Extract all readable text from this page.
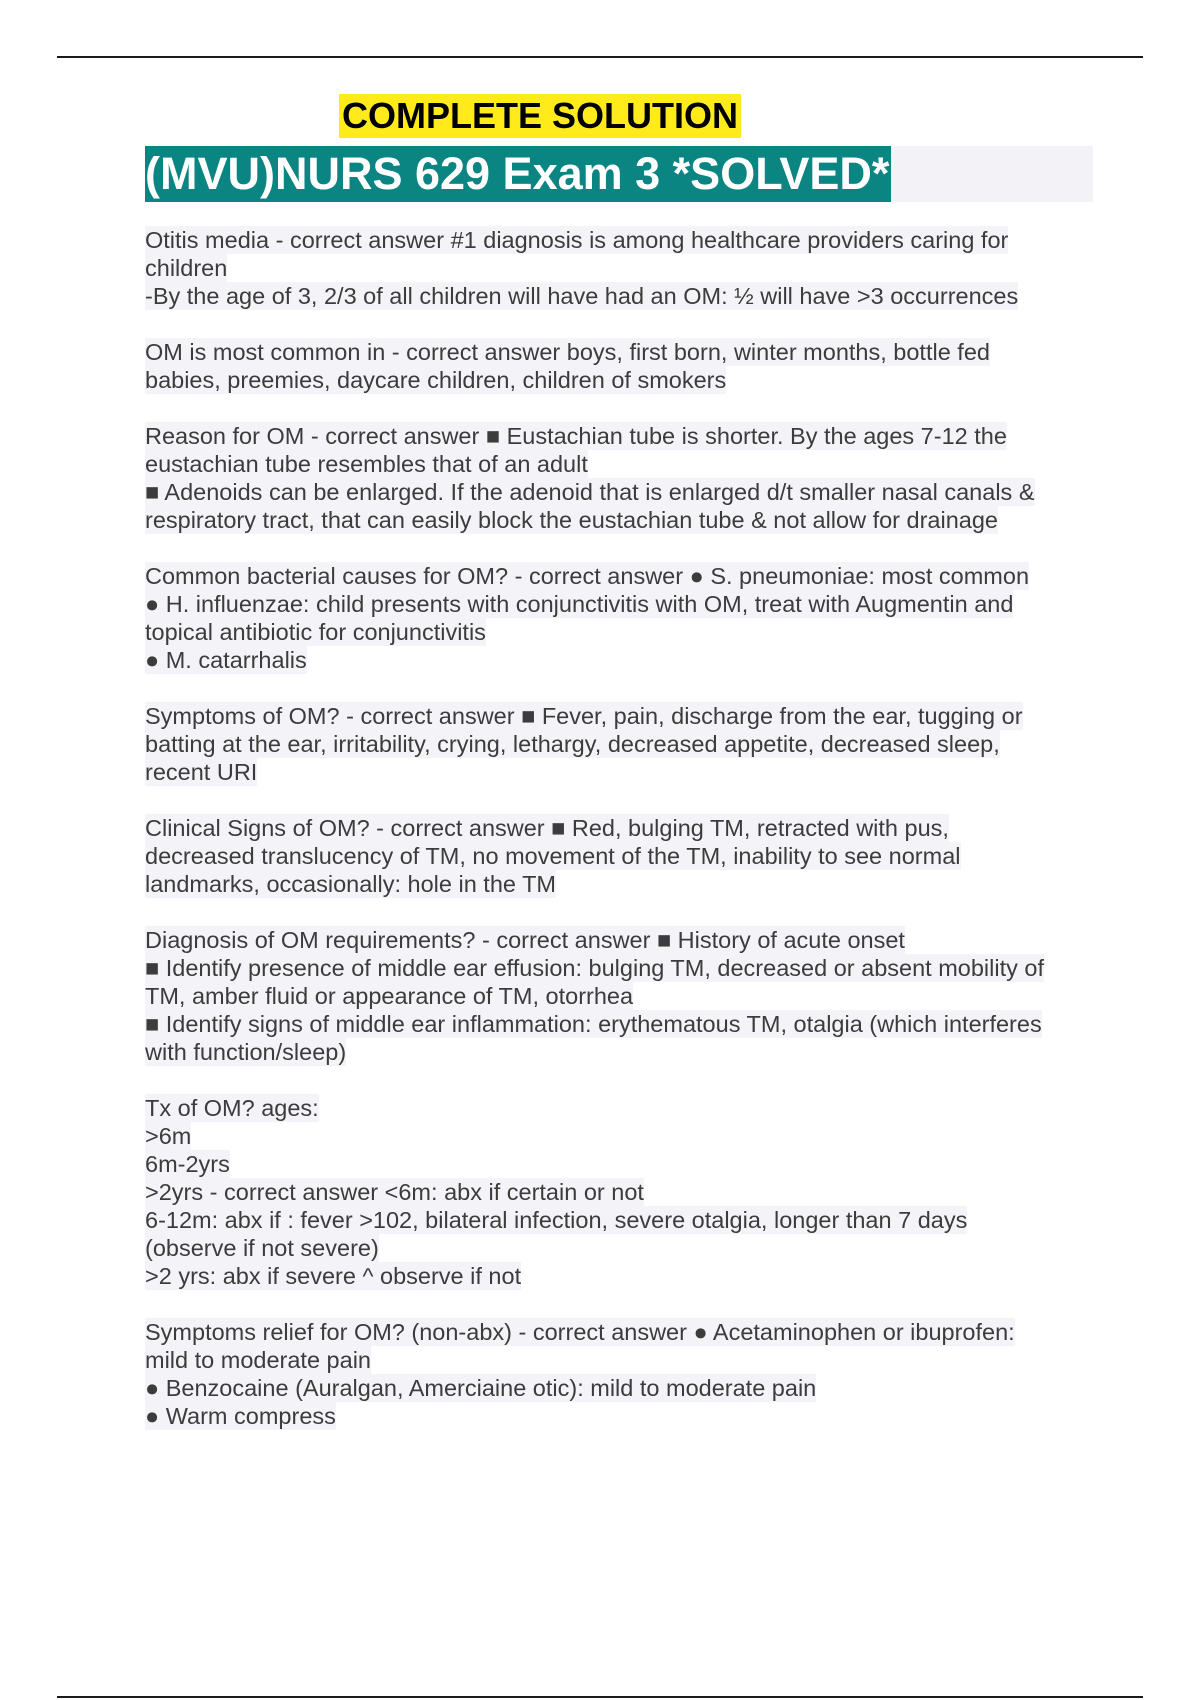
COMPLETE SOLUTION
(MVU)NURS 629 Exam 3 *SOLVED*
Otitis media - correct answer #1 diagnosis is among healthcare providers caring for
children
-By the age of 3, 2/3 of all children will have had an OM: ½ will have >3 occurrences
OM is most common in - correct answer boys, first born, winter months, bottle fed
babies, preemies, daycare children, children of smokers
Reason for OM - correct answer ■ Eustachian tube is shorter. By the ages 7-12 the
eustachian tube resembles that of an adult
■ Adenoids can be enlarged. If the adenoid that is enlarged d/t smaller nasal canals &
respiratory tract, that can easily block the eustachian tube & not allow for drainage
Common bacterial causes for OM? - correct answer ● S. pneumoniae: most common
● H. influenzae: child presents with conjunctivitis with OM, treat with Augmentin and
topical antibiotic for conjunctivitis
● M. catarrhalis
Symptoms of OM? - correct answer ■ Fever, pain, discharge from the ear, tugging or
batting at the ear, irritability, crying, lethargy, decreased appetite, decreased sleep,
recent URI
Clinical Signs of OM? - correct answer ■ Red, bulging TM, retracted with pus,
decreased translucency of TM, no movement of the TM, inability to see normal
landmarks, occasionally: hole in the TM
Diagnosis of OM requirements? - correct answer ■ History of acute onset
■ Identify presence of middle ear effusion: bulging TM, decreased or absent mobility of
TM, amber fluid or appearance of TM, otorrhea
■ Identify signs of middle ear inflammation: erythematous TM, otalgia (which interferes
with function/sleep)
Tx of OM? ages:
>6m
6m-2yrs
>2yrs - correct answer <6m: abx if certain or not
6-12m: abx if : fever >102, bilateral infection, severe otalgia, longer than 7 days
(observe if not severe)
>2 yrs: abx if severe ^ observe if not
Symptoms relief for OM? (non-abx) - correct answer ● Acetaminophen or ibuprofen:
mild to moderate pain
● Benzocaine (Auralgan, Amerciaine otic): mild to moderate pain
● Warm compress
